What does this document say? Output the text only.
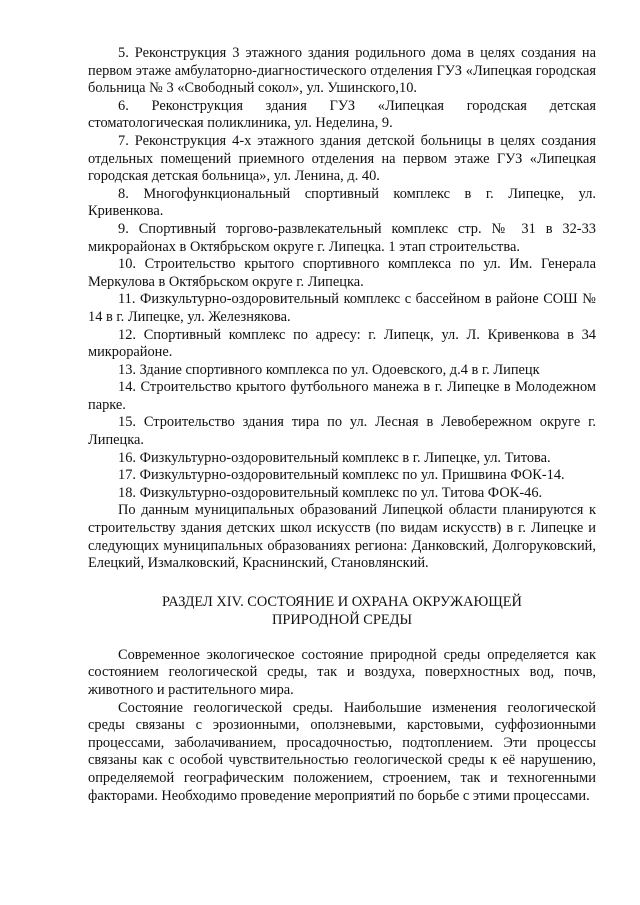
5. Реконструкция 3 этажного здания родильного дома в целях создания на первом этаже амбулаторно-диагностического отделения ГУЗ «Липецкая городская больница № 3 «Свободный сокол», ул. Ушинского,10.

6. Реконструкция здания ГУЗ «Липецкая городская детская стоматологическая поликлиника, ул. Неделина, 9.

7. Реконструкция 4-х этажного здания детской больницы в целях создания отдельных помещений приемного отделения на первом этаже ГУЗ «Липецкая городская детская больница», ул. Ленина, д. 40.

8. Многофункциональный спортивный комплекс в г. Липецке, ул. Кривенкова.

9. Спортивный торгово-развлекательный комплекс стр. № 31 в 32-33 микрорайонах в Октябрьском округе г. Липецка. 1 этап строительства.

10. Строительство крытого спортивного комплекса по ул. Им. Генерала Меркулова в Октябрьском округе г. Липецка.

11. Физкультурно-оздоровительный комплекс с бассейном в районе СОШ № 14 в г. Липецке, ул. Железнякова.

12. Спортивный комплекс по адресу: г. Липецк, ул. Л. Кривенкова в 34 микрорайоне.

13. Здание спортивного комплекса по ул. Одоевского, д.4 в г. Липецк

14. Строительство крытого футбольного манежа в г. Липецке в Молодежном парке.

15. Строительство здания тира по ул. Лесная в Левобережном округе г. Липецка.

16. Физкультурно-оздоровительный комплекс в г. Липецке, ул. Титова.

17. Физкультурно-оздоровительный комплекс по ул. Пришвина ФОК-14.

18. Физкультурно-оздоровительный комплекс по ул. Титова ФОК-46.

По данным муниципальных образований Липецкой области планируются к строительству здания детских школ искусств (по видам искусств) в г. Липецке и следующих муниципальных образованиях региона: Данковский, Долгоруковский, Елецкий, Измалковский, Краснинский, Становлянский.

РАЗДЕЛ XIV. СОСТОЯНИЕ И ОХРАНА ОКРУЖАЮЩЕЙ
ПРИРОДНОЙ СРЕДЫ

Современное экологическое состояние природной среды определяется как состоянием геологической среды, так и воздуха, поверхностных вод, почв, животного и растительного мира.

Состояние геологической среды. Наибольшие изменения геологической среды связаны с эрозионными, оползневыми, карстовыми, суффозионными процессами, заболачиванием, просадочностью, подтоплением. Эти процессы связаны как с особой чувствительностью геологической среды к её нарушению, определяемой географическим положением, строением, так и техногенными факторами. Необходимо проведение мероприятий по борьбе с этими процессами.
